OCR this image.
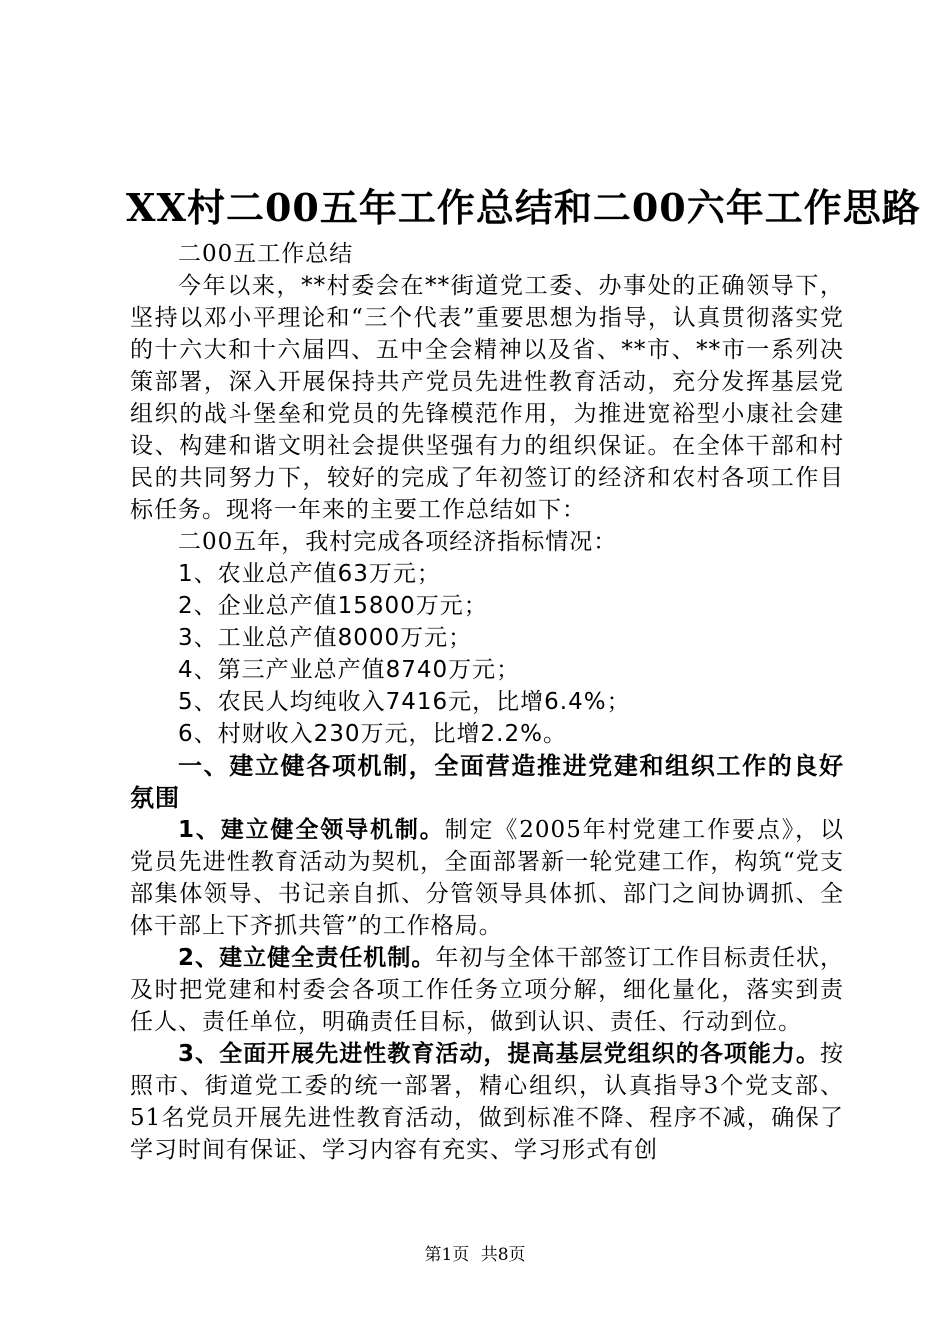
XX村二00五年工作总结和二00六年工作思路

二00五工作总结

今年以来，**村委会在**街道党工委、办事处的正确领导下，坚持以邓小平理论和“三个代表”重要思想为指导，认真贯彻落实党的十六大和十六届四、五中全会精神以及省、**市、**市一系列决策部署，深入开展保持共产党员先进性教育活动，充分发挥基层党组织的战斗堡垒和党员的先锋模范作用，为推进宽裕型小康社会建设、构建和谐文明社会提供坚强有力的组织保证。在全体干部和村民的共同努力下，较好的完成了年初签订的经济和农村各项工作目标任务。现将一年来的主要工作总结如下：

二00五年，我村完成各项经济指标情况：

1、农业总产值63万元；

2、企业总产值15800万元；

3、工业总产值8000万元；

4、第三产业总产值8740万元；

5、农民人均纯收入7416元，比增6.4%；

6、村财收入230万元，比增2.2%。

一、建立健各项机制，全面营造推进党建和组织工作的良好氛围

1、建立健全领导机制。制定《2005年村党建工作要点》，以党员先进性教育活动为契机，全面部署新一轮党建工作，构筑“党支部集体领导、书记亲自抓、分管领导具体抓、部门之间协调抓、全体干部上下齐抓共管”的工作格局。

2、建立健全责任机制。年初与全体干部签订工作目标责任状，及时把党建和村委会各项工作任务立项分解，细化量化，落实到责任人、责任单位，明确责任目标，做到认识、责任、行动到位。

3、全面开展先进性教育活动，提高基层党组织的各项能力。按照市、街道党工委的统一部署，精心组织，认真指导3个党支部、51名党员开展先进性教育活动，做到标准不降、程序不减，确保了学习时间有保证、学习内容有充实、学习形式有创

第1页 共8页
